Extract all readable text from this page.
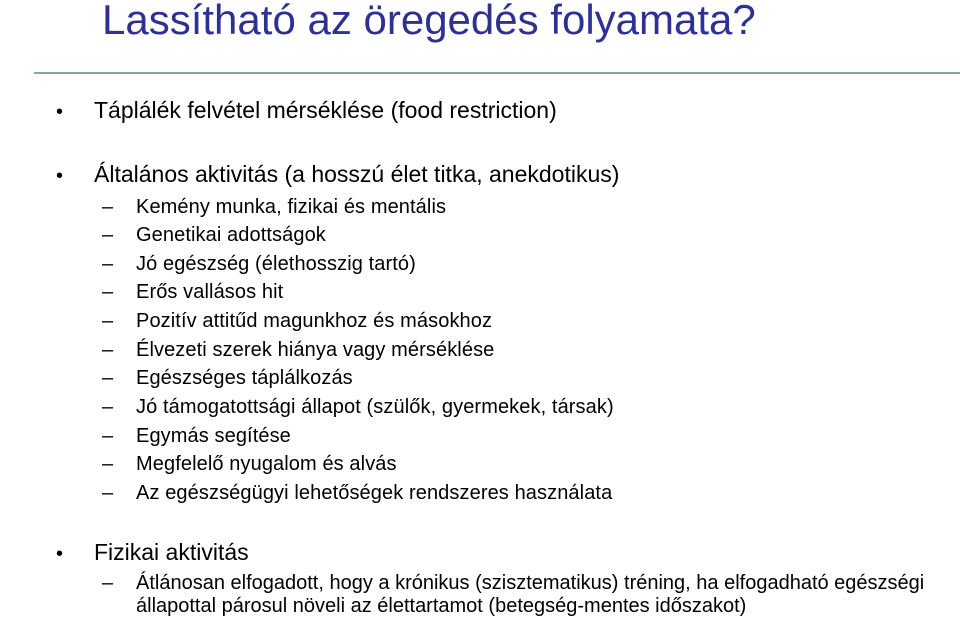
Lassítható az öregedés folyamata?
• Táplálék felvétel mérséklése (food restriction)
• Általános aktivitás (a hosszú élet titka, anekdotikus)
– Kemény munka, fizikai és mentális
– Genetikai adottságok
– Jó egészség (élethosszig tartó)
– Erős vallásos hit
– Pozitív attitűd magunkhoz és másokhoz
– Élvezeti szerek hiánya vagy mérséklése
– Egészséges táplálkozás
– Jó támogatottsági állapot (szülők, gyermekek, társak)
– Egymás segítése
– Megfelelő nyugalom és alvás
– Az egészségügyi lehetőségek rendszeres használata
• Fizikai aktivitás
– Átlánosan elfogadott, hogy a krónikus (szisztematikus) tréning, ha elfogadható egészségi állapottal párosul növeli az élettartamot (betegség-mentes időszakot)
